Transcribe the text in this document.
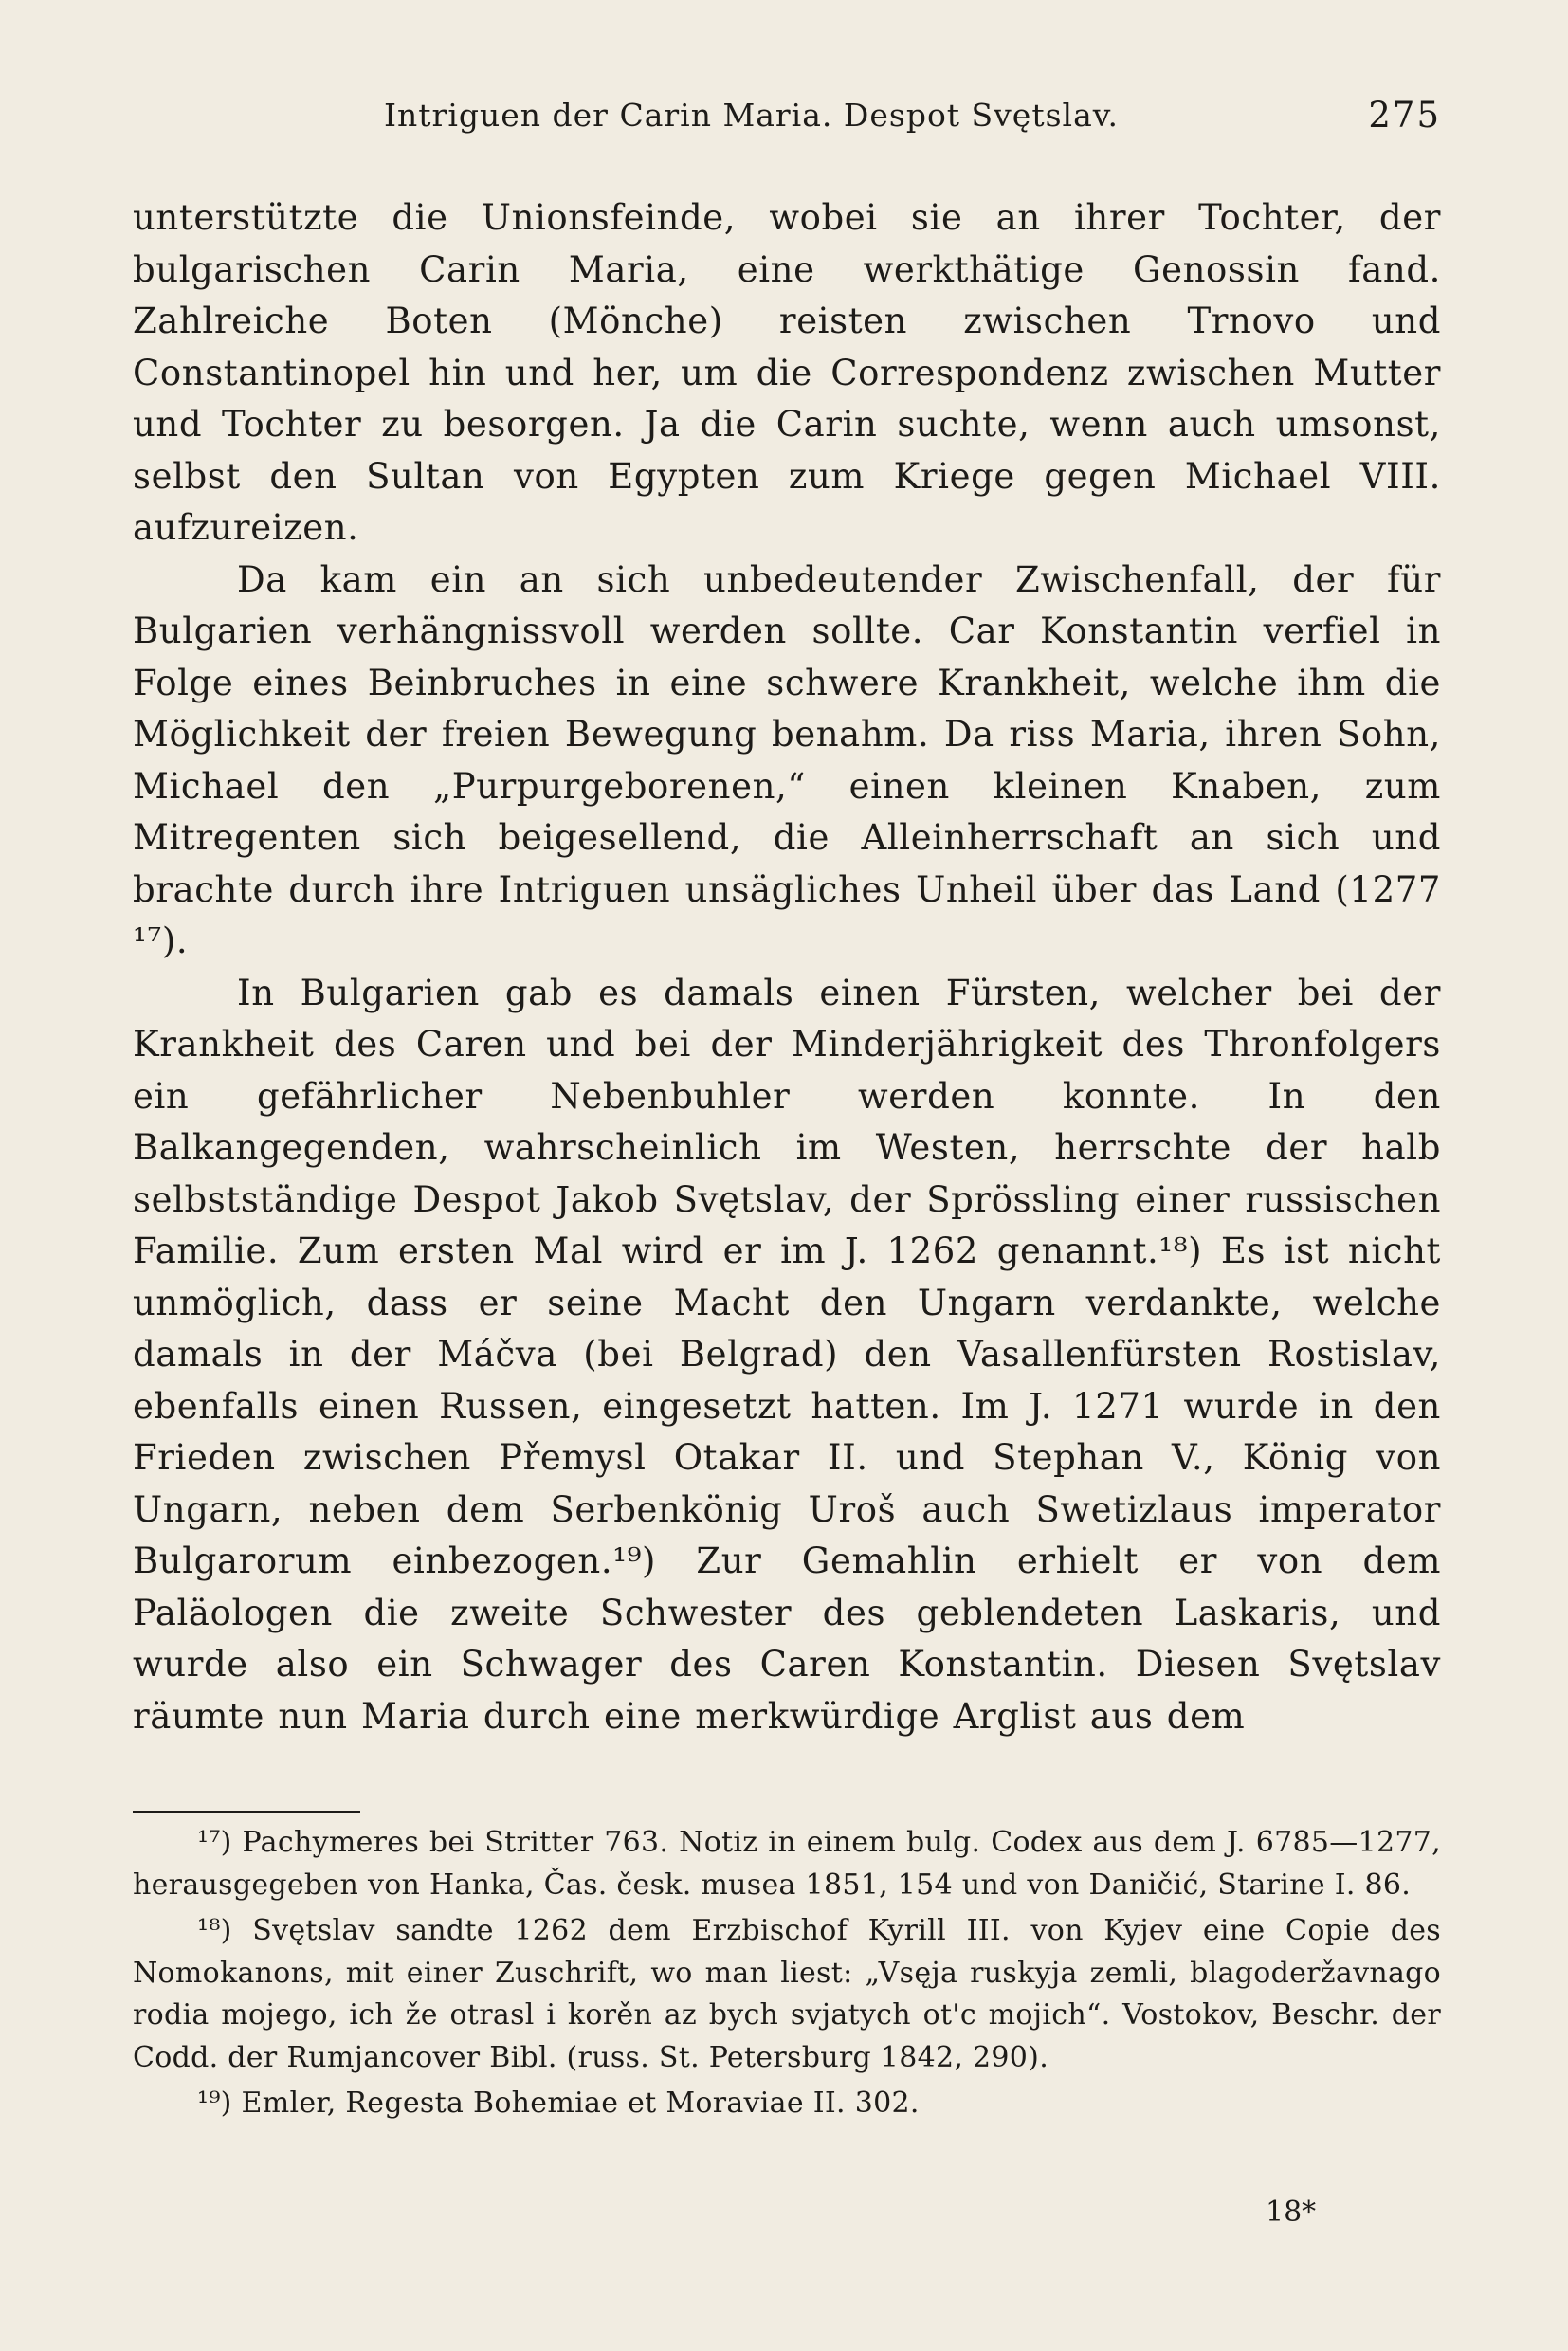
Intriguen der Carin Maria. Despot Svętslav.	275

unterstützte die Unionsfeinde, wobei sie an ihrer Tochter, der bulgarischen Carin Maria, eine werkthätige Genossin fand. Zahlreiche Boten (Mönche) reisten zwischen Trnovo und Constantinopel hin und her, um die Correspondenz zwischen Mutter und Tochter zu besorgen. Ja die Carin suchte, wenn auch umsonst, selbst den Sultan von Egypten zum Kriege gegen Michael VIII. aufzureizen.

Da kam ein an sich unbedeutender Zwischenfall, der für Bulgarien verhängnissvoll werden sollte. Car Konstantin verfiel in Folge eines Beinbruches in eine schwere Krankheit, welche ihm die Möglichkeit der freien Bewegung benahm. Da riss Maria, ihren Sohn, Michael den „Purpurgeborenen,“ einen kleinen Knaben, zum Mitregenten sich beigesellend, die Alleinherrschaft an sich und brachte durch ihre Intriguen unsägliches Unheil über das Land (1277 ¹⁷).

In Bulgarien gab es damals einen Fürsten, welcher bei der Krankheit des Caren und bei der Minderjährigkeit des Thronfolgers ein gefährlicher Nebenbuhler werden konnte. In den Balkangegenden, wahrscheinlich im Westen, herrschte der halb selbstständige Despot Jakob Svętslav, der Sprössling einer russischen Familie. Zum ersten Mal wird er im J. 1262 genannt.¹⁸) Es ist nicht unmöglich, dass er seine Macht den Ungarn verdankte, welche damals in der Máčva (bei Belgrad) den Vasallenfürsten Rostislav, ebenfalls einen Russen, eingesetzt hatten. Im J. 1271 wurde in den Frieden zwischen Přemysl Otakar II. und Stephan V., König von Ungarn, neben dem Serbenkönig Uroš auch Swetizlaus imperator Bulgarorum einbezogen.¹⁹) Zur Gemahlin erhielt er von dem Paläologen die zweite Schwester des geblendeten Laskaris, und wurde also ein Schwager des Caren Konstantin. Diesen Svętslav räumte nun Maria durch eine merkwürdige Arglist aus dem

¹⁷) Pachymeres bei Stritter 763. Notiz in einem bulg. Codex aus dem J. 6785—1277, herausgegeben von Hanka, Čas. česk. musea 1851, 154 und von Daničić, Starine I. 86.

¹⁸) Svętslav sandte 1262 dem Erzbischof Kyrill III. von Kyjev eine Copie des Nomokanons, mit einer Zuschrift, wo man liest: „Vsęja ruskyja zemli, blagoderžavnago rodia mojego, ich že otrasl i korěn az bych svjatych ot'c mojich“. Vostokov, Beschr. der Codd. der Rumjancover Bibl. (russ. St. Petersburg 1842, 290).

¹⁹) Emler, Regesta Bohemiae et Moraviae II. 302.

18*
